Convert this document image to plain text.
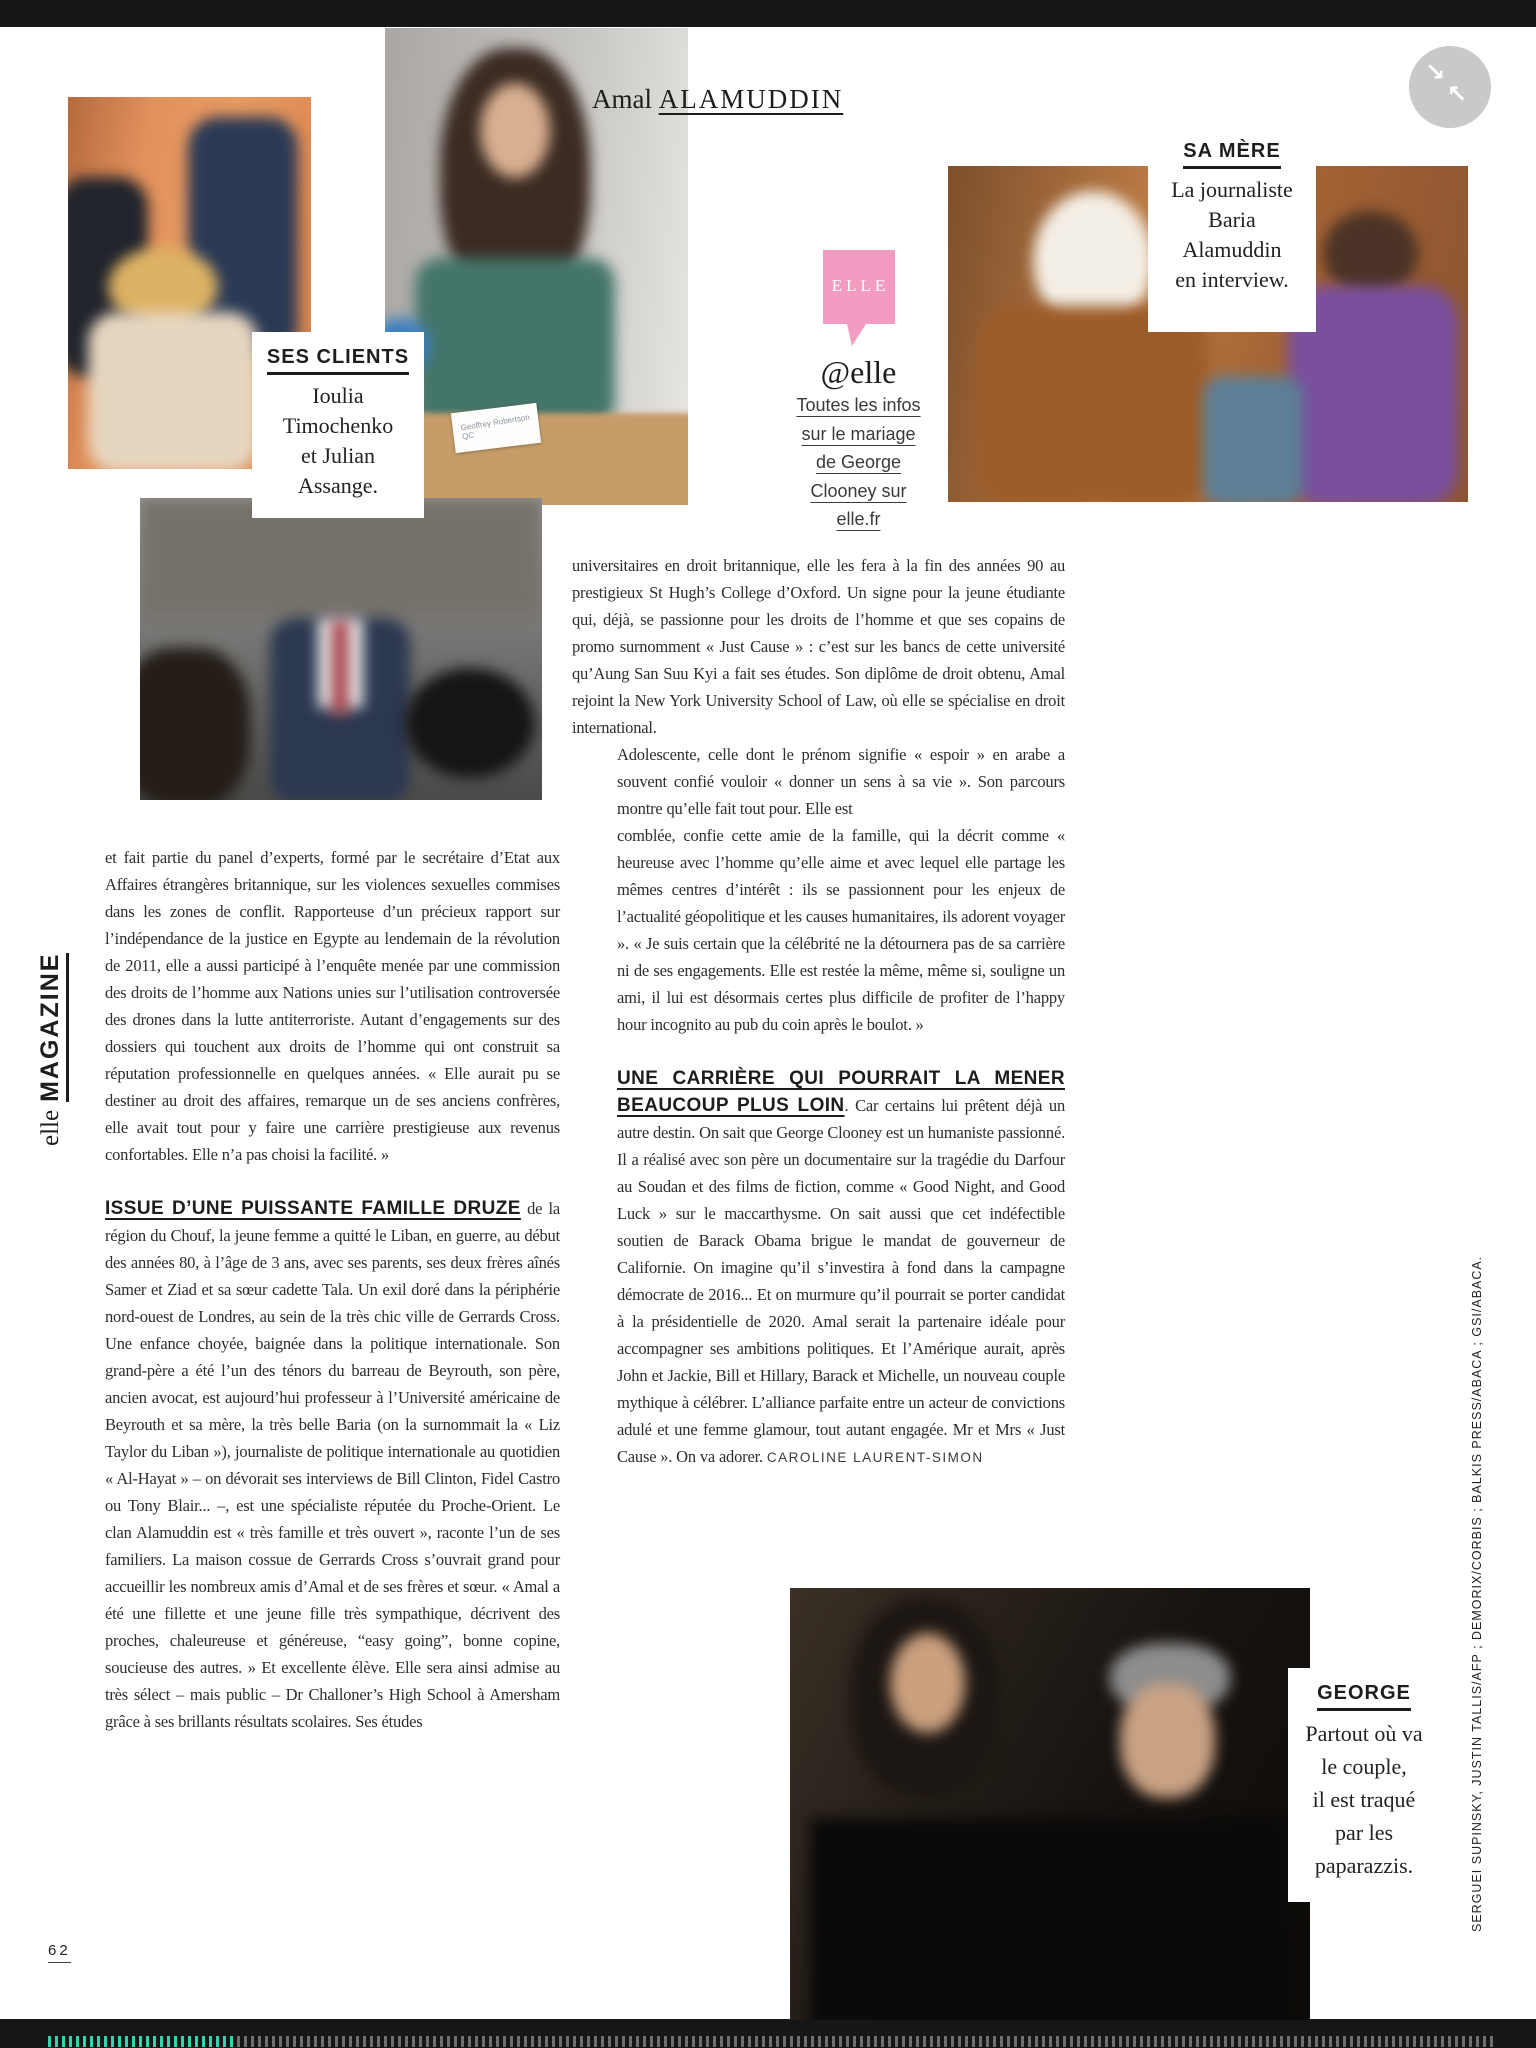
↘
↖
Geoffrey Robertson QC
SES CLIENTS
Ioulia
Timochenko
et Julian
Assange.
SA MÈRE
La journaliste
Baria
Alamuddin
en interview.
GEORGE
Partout où va
le couple,
il est traqué
par les
paparazzis.
Amal ALAMUDDIN
ELLE
@elle
Toutes les infos
sur le mariage
de George
Clooney sur
elle.fr

universitaires en droit britannique, elle les fera à la fin des années 90 au prestigieux St Hugh’s College d’Oxford. Un signe pour la jeune étudiante qui, déjà, se passionne pour les droits de l’homme et que ses copains de promo surnomment « Just Cause » : c’est sur les bancs de cette université qu’Aung San Suu Kyi a fait ses études. Son diplôme de droit obtenu, Amal rejoint la New York University School of Law, où elle se spécialise en droit international.

Adolescente, celle dont le prénom signifie « espoir » en arabe a souvent confié vouloir « donner un sens à sa vie ». Son parcours montre qu’elle fait tout pour. Elle est

comblée, confie cette amie de la famille, qui la décrit comme « heureuse avec l’homme qu’elle aime et avec lequel elle partage les mêmes centres d’intérêt : ils se passionnent pour les enjeux de l’actualité géopolitique et les causes humanitaires, ils adorent voyager ». « Je suis certain que la célébrité ne la détournera pas de sa carrière ni de ses engagements. Elle est restée la même, même si, souligne un ami, il lui est désormais certes plus difficile de profiter de l’happy hour incognito au pub du coin après le boulot. »

UNE CARRIÈRE QUI POURRAIT LA MENER BEAUCOUP PLUS LOIN. Car certains lui prêtent déjà un autre destin. On sait que George Clooney est un humaniste passionné. Il a réalisé avec son père un documentaire sur la tragédie du Darfour au Soudan et des films de fiction, comme « Good Night, and Good Luck » sur le maccarthysme. On sait aussi que cet indéfectible soutien de Barack Obama brigue le mandat de gouverneur de Californie. On imagine qu’il s’investira à fond dans la campagne démocrate de 2016... Et on murmure qu’il pourrait se porter candidat à la présidentielle de 2020. Amal serait la partenaire idéale pour accompagner ses ambitions politiques. Et l’Amérique aurait, après John et Jackie, Bill et Hillary, Barack et Michelle, un nouveau couple mythique à célébrer. L’alliance parfaite entre un acteur de convictions adulé et une femme glamour, tout autant engagée. Mr et Mrs « Just Cause ». On va adorer. CAROLINE LAURENT-SIMON

et fait partie du panel d’experts, formé par le secrétaire d’Etat aux Affaires étrangères britannique, sur les violences sexuelles commises dans les zones de conflit. Rapporteuse d’un précieux rapport sur l’indépendance de la justice en Egypte au lendemain de la révolution de 2011, elle a aussi participé à l’enquête menée par une commission des droits de l’homme aux Nations unies sur l’utilisation controversée des drones dans la lutte antiterroriste. Autant d’engagements sur des dossiers qui touchent aux droits de l’homme qui ont construit sa réputation professionnelle en quelques années. « Elle aurait pu se destiner au droit des affaires, remarque un de ses anciens confrères, elle avait tout pour y faire une carrière prestigieuse aux revenus confortables. Elle n’a pas choisi la facilité. »

ISSUE D’UNE PUISSANTE FAMILLE DRUZE de la région du Chouf, la jeune femme a quitté le Liban, en guerre, au début des années 80, à l’âge de 3 ans, avec ses parents, ses deux frères aînés Samer et Ziad et sa sœur cadette Tala. Un exil doré dans la périphérie nord-ouest de Londres, au sein de la très chic ville de Gerrards Cross. Une enfance choyée, baignée dans la politique internationale. Son grand-père a été l’un des ténors du barreau de Beyrouth, son père, ancien avocat, est aujourd’hui professeur à l’Université américaine de Beyrouth et sa mère, la très belle Baria (on la surnommait la « Liz Taylor du Liban »), journaliste de politique internationale au quotidien « Al-Hayat » – on dévorait ses interviews de Bill Clinton, Fidel Castro ou Tony Blair... –, est une spécialiste réputée du Proche-Orient. Le clan Alamuddin est « très famille et très ouvert », raconte l’un de ses familiers. La maison cossue de Gerrards Cross s’ouvrait grand pour accueillir les nombreux amis d’Amal et de ses frères et sœur. « Amal a été une fillette et une jeune fille très sympathique, décrivent des proches, chaleureuse et généreuse, “easy going”, bonne copine, soucieuse des autres. » Et excellente élève. Elle sera ainsi admise au très sélect – mais public – Dr Challoner’s High School à Amersham grâce à ses brillants résultats scolaires. Ses études

elleMAGAZINE
SERGUEI SUPINSKY, JUSTIN TALLIS/AFP ; DEMORIX/CORBIS ; BALKIS PRESS/ABACA ; GSI/ABACA.
62
